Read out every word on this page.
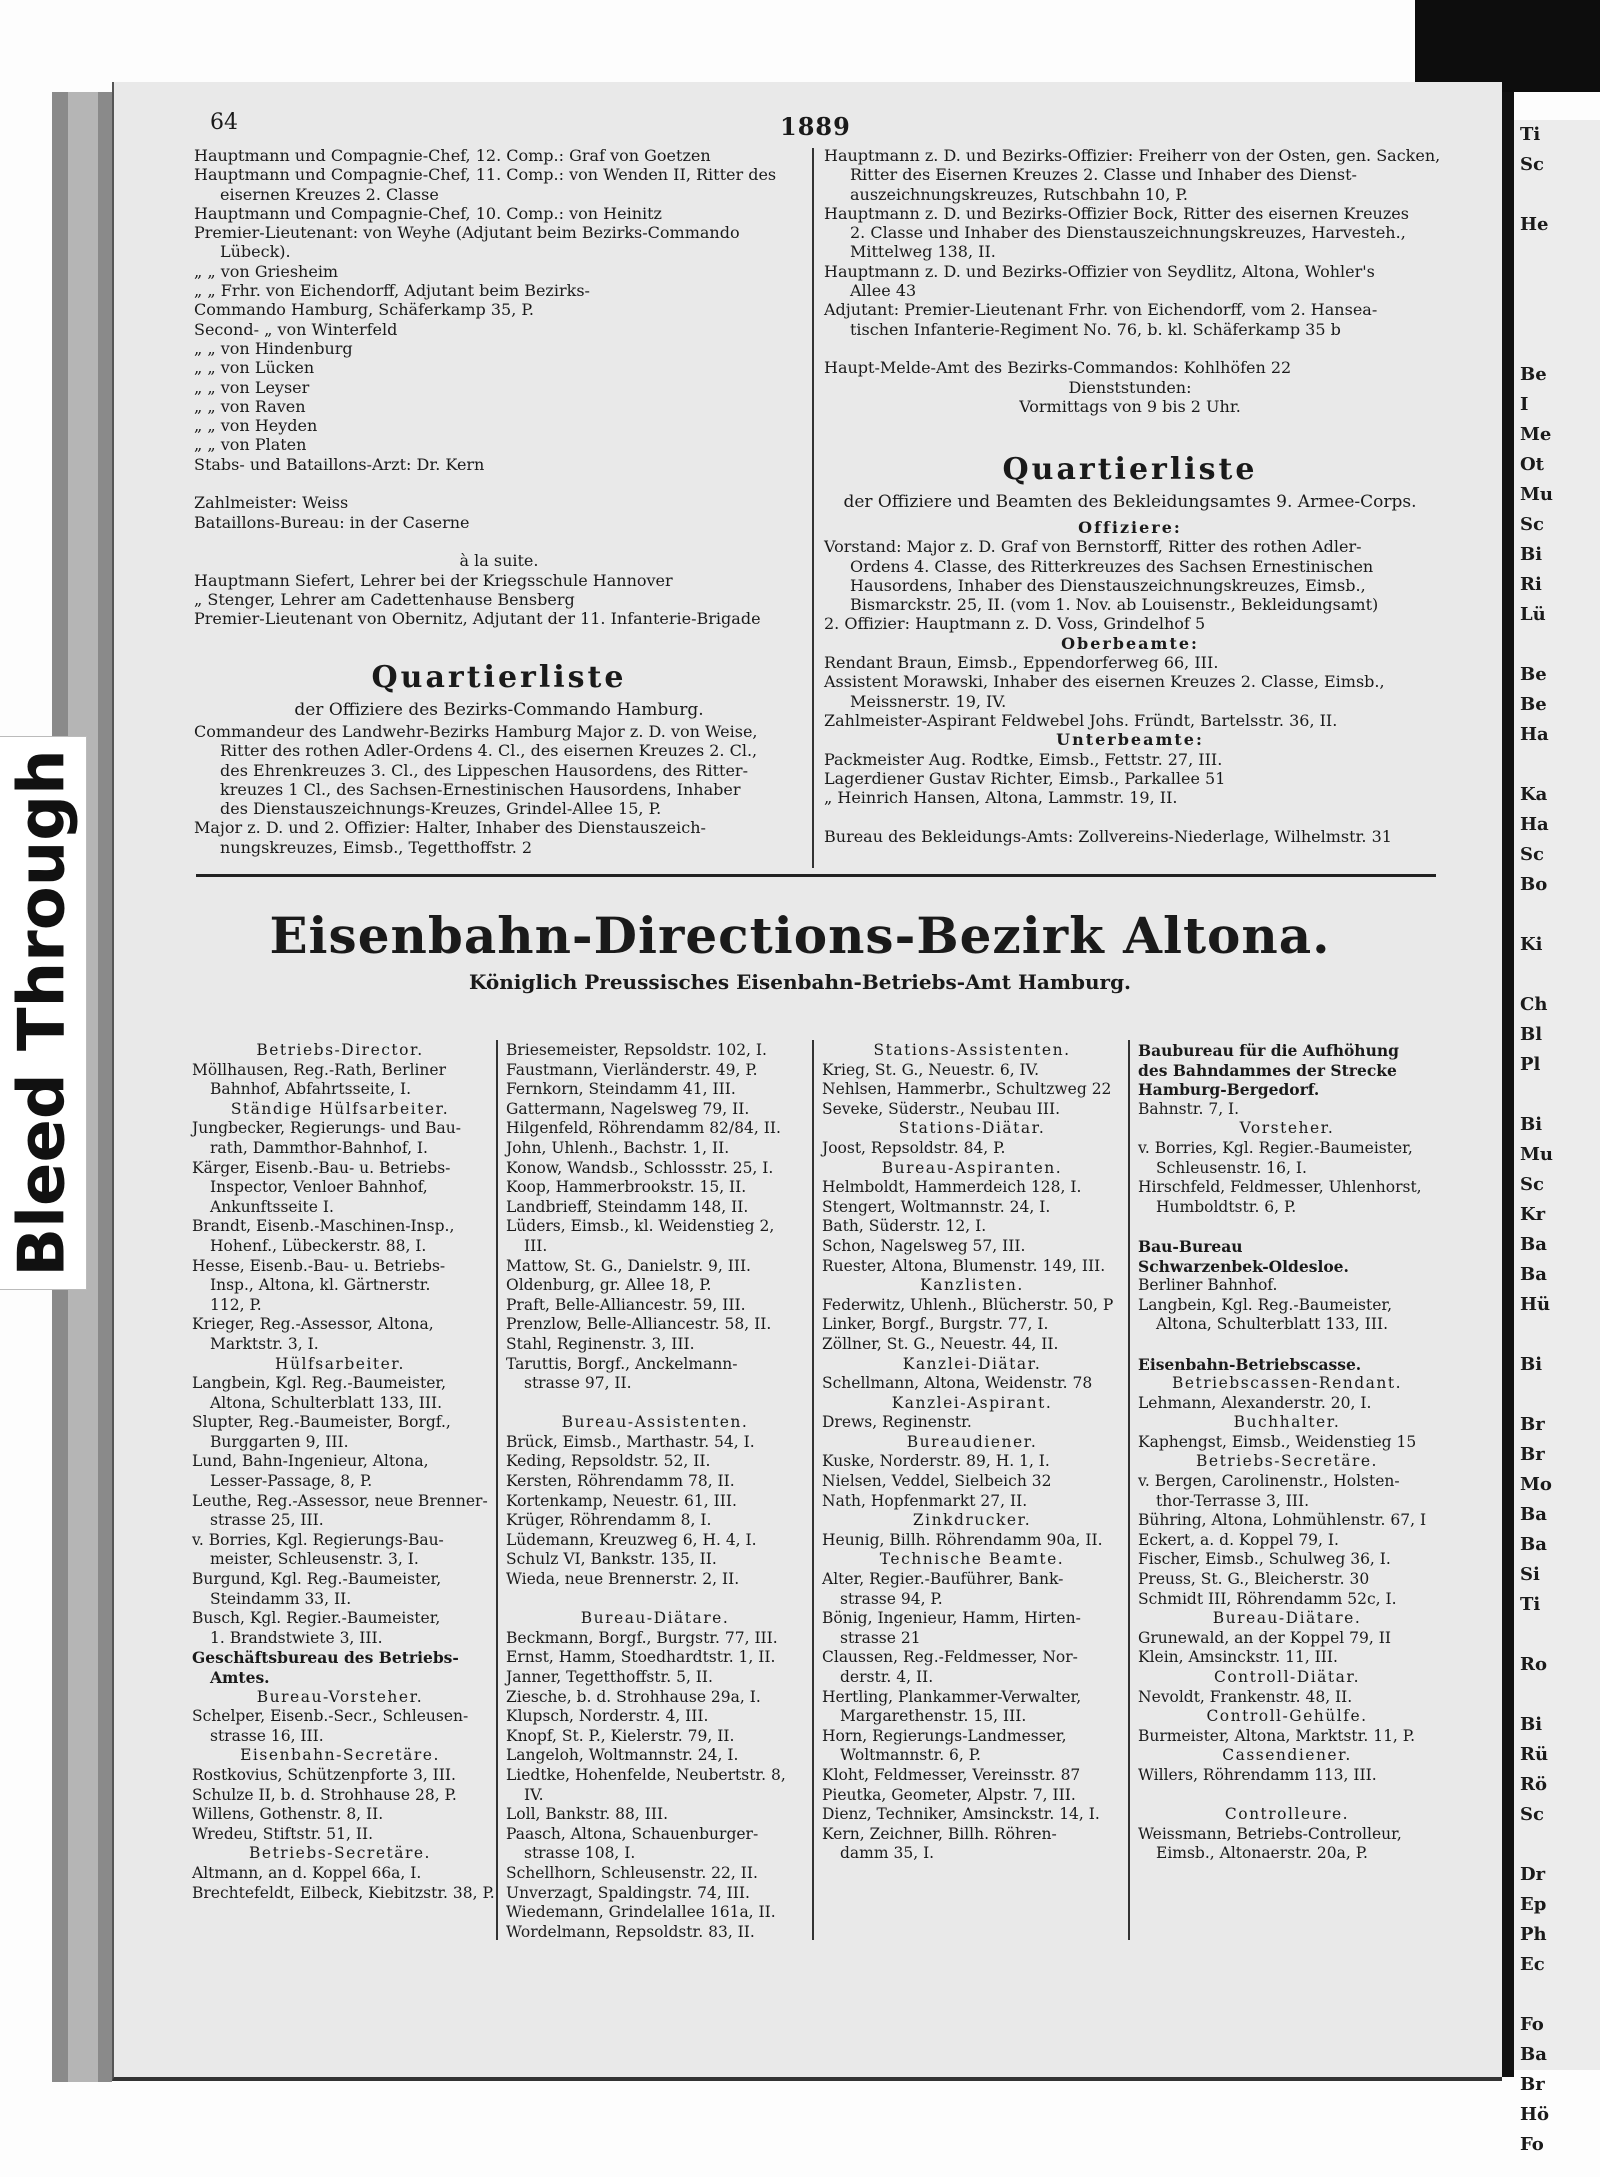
Ti
Sc

He

Be
I
Me
Ot
Mu
Sc
Bi
Ri
Lü

Be
Be
Ha

Ka
Ha
Sc
Bo

Ki

Ch
Bl
Pl

Bi
Mu
Sc
Kr
Ba
Ba
Hü

Bi

Br
Br
Mo
Ba
Ba
Si
Ti

Ro

Bi
Rü
Rö
Sc

Dr
Ep
Ph
Ec

Fo
Ba
Br
Hö
Fo
64	1889
Hauptmann und Compagnie-Chef, 12. Comp.: Graf von Goetzen
Hauptmann und Compagnie-Chef, 11. Comp.: von Wenden II, Ritter des
eisernen Kreuzes 2. Classe
Hauptmann und Compagnie-Chef, 10. Comp.: von Heinitz
Premier-Lieutenant: von Weyhe (Adjutant beim Bezirks-Commando
Lübeck).
„ „ von Griesheim
„ „ Frhr. von Eichendorff, Adjutant beim Bezirks-
Commando Hamburg, Schäferkamp 35, P.
Second- „ von Winterfeld
„ „ von Hindenburg
„ „ von Lücken
„ „ von Leyser
„ „ von Raven
„ „ von Heyden
„ „ von Platen
Stabs- und Bataillons-Arzt: Dr. Kern

Zahlmeister: Weiss
Bataillons-Bureau: in der Caserne

à la suite.
Hauptmann Siefert, Lehrer bei der Kriegsschule Hannover
„ Stenger, Lehrer am Cadettenhause Bensberg
Premier-Lieutenant von Obernitz, Adjutant der 11. Infanterie-Brigade
Quartierliste
der Offiziere des Bezirks-Commando Hamburg.
Commandeur des Landwehr-Bezirks Hamburg Major z. D. von Weise,
Ritter des rothen Adler-Ordens 4. Cl., des eisernen Kreuzes 2. Cl.,
des Ehrenkreuzes 3. Cl., des Lippeschen Hausordens, des Ritter-
kreuzes 1 Cl., des Sachsen-Ernestinischen Hausordens, Inhaber
des Dienstauszeichnungs-Kreuzes, Grindel-Allee 15, P.
Major z. D. und 2. Offizier: Halter, Inhaber des Dienstauszeich-
nungskreuzes, Eimsb., Tegetthoffstr. 2
Hauptmann z. D. und Bezirks-Offizier: Freiherr von der Osten, gen. Sacken,
Ritter des Eisernen Kreuzes 2. Classe und Inhaber des Dienst-
auszeichnungskreuzes, Rutschbahn 10, P.
Hauptmann z. D. und Bezirks-Offizier Bock, Ritter des eisernen Kreuzes
2. Classe und Inhaber des Dienstauszeichnungskreuzes, Harvesteh.,
Mittelweg 138, II.
Hauptmann z. D. und Bezirks-Offizier von Seydlitz, Altona, Wohler's
Allee 43
Adjutant: Premier-Lieutenant Frhr. von Eichendorff, vom 2. Hansea-
tischen Infanterie-Regiment No. 76, b. kl. Schäferkamp 35 b

Haupt-Melde-Amt des Bezirks-Commandos: Kohlhöfen 22
Dienststunden:
Vormittags von 9 bis 2 Uhr.
Quartierliste
der Offiziere und Beamten des Bekleidungsamtes 9. Armee-Corps.
Offiziere:
Vorstand: Major z. D. Graf von Bernstorff, Ritter des rothen Adler-
Ordens 4. Classe, des Ritterkreuzes des Sachsen Ernestinischen
Hausordens, Inhaber des Dienstauszeichnungskreuzes, Eimsb.,
Bismarckstr. 25, II. (vom 1. Nov. ab Louisenstr., Bekleidungsamt)
2. Offizier: Hauptmann z. D. Voss, Grindelhof 5
Oberbeamte:
Rendant Braun, Eimsb., Eppendorferweg 66, III.
Assistent Morawski, Inhaber des eisernen Kreuzes 2. Classe, Eimsb.,
Meissnerstr. 19, IV.
Zahlmeister-Aspirant Feldwebel Johs. Fründt, Bartelsstr. 36, II.
Unterbeamte:
Packmeister Aug. Rodtke, Eimsb., Fettstr. 27, III.
Lagerdiener Gustav Richter, Eimsb., Parkallee 51
„ Heinrich Hansen, Altona, Lammstr. 19, II.

Bureau des Bekleidungs-Amts: Zollvereins-Niederlage, Wilhelmstr. 31
Eisenbahn-Directions-Bezirk Altona.
Königlich Preussisches Eisenbahn-Betriebs-Amt Hamburg.
Betriebs-Director.
Möllhausen, Reg.-Rath, Berliner
Bahnhof, Abfahrtsseite, I.
Ständige Hülfsarbeiter.
Jungbecker, Regierungs- und Bau-
rath, Dammthor-Bahnhof, I.
Kärger, Eisenb.-Bau- u. Betriebs-
Inspector, Venloer Bahnhof,
Ankunftsseite I.
Brandt, Eisenb.-Maschinen-Insp.,
Hohenf., Lübeckerstr. 88, I.
Hesse, Eisenb.-Bau- u. Betriebs-
Insp., Altona, kl. Gärtnerstr.
112, P.
Krieger, Reg.-Assessor, Altona,
Marktstr. 3, I.
Hülfsarbeiter.
Langbein, Kgl. Reg.-Baumeister,
Altona, Schulterblatt 133, III.
Slupter, Reg.-Baumeister, Borgf.,
Burggarten 9, III.
Lund, Bahn-Ingenieur, Altona,
Lesser-Passage, 8, P.
Leuthe, Reg.-Assessor, neue Brenner-
strasse 25, III.
v. Borries, Kgl. Regierungs-Bau-
meister, Schleusenstr. 3, I.
Burgund, Kgl. Reg.-Baumeister,
Steindamm 33, II.
Busch, Kgl. Regier.-Baumeister,
1. Brandstwiete 3, III.
Geschäftsbureau des Betriebs-
Amtes.
Bureau-Vorsteher.
Schelper, Eisenb.-Secr., Schleusen-
strasse 16, III.
Eisenbahn-Secretäre.
Rostkovius, Schützenpforte 3, III.
Schulze II, b. d. Strohhause 28, P.
Willens, Gothenstr. 8, II.
Wredeu, Stiftstr. 51, II.
Betriebs-Secretäre.
Altmann, an d. Koppel 66a, I.
Brechtefeldt, Eilbeck, Kiebitzstr. 38, P.
Briesemeister, Repsoldstr. 102, I.
Faustmann, Vierländerstr. 49, P.
Fernkorn, Steindamm 41, III.
Gattermann, Nagelsweg 79, II.
Hilgenfeld, Röhrendamm 82/84, II.
John, Uhlenh., Bachstr. 1, II.
Konow, Wandsb., Schlossstr. 25, I.
Koop, Hammerbrookstr. 15, II.
Landbrieff, Steindamm 148, II.
Lüders, Eimsb., kl. Weidenstieg 2,
III.
Mattow, St. G., Danielstr. 9, III.
Oldenburg, gr. Allee 18, P.
Praft, Belle-Alliancestr. 59, III.
Prenzlow, Belle-Alliancestr. 58, II.
Stahl, Reginenstr. 3, III.
Taruttis, Borgf., Anckelmann-
strasse 97, II.

Bureau-Assistenten.
Brück, Eimsb., Marthastr. 54, I.
Keding, Repsoldstr. 52, II.
Kersten, Röhrendamm 78, II.
Kortenkamp, Neuestr. 61, III.
Krüger, Röhrendamm 8, I.
Lüdemann, Kreuzweg 6, H. 4, I.
Schulz VI, Bankstr. 135, II.
Wieda, neue Brennerstr. 2, II.

Bureau-Diätare.
Beckmann, Borgf., Burgstr. 77, III.
Ernst, Hamm, Stoedhardtstr. 1, II.
Janner, Tegetthoffstr. 5, II.
Ziesche, b. d. Strohhause 29a, I.
Klupsch, Norderstr. 4, III.
Knopf, St. P., Kielerstr. 79, II.
Langeloh, Woltmannstr. 24, I.
Liedtke, Hohenfelde, Neubertstr. 8,
IV.
Loll, Bankstr. 88, III.
Paasch, Altona, Schauenburger-
strasse 108, I.
Schellhorn, Schleusenstr. 22, II.
Unverzagt, Spaldingstr. 74, III.
Wiedemann, Grindelallee 161a, II.
Wordelmann, Repsoldstr. 83, II.
Stations-Assistenten.
Krieg, St. G., Neuestr. 6, IV.
Nehlsen, Hammerbr., Schultzweg 22
Seveke, Süderstr., Neubau III.
Stations-Diätar.
Joost, Repsoldstr. 84, P.
Bureau-Aspiranten.
Helmboldt, Hammerdeich 128, I.
Stengert, Woltmannstr. 24, I.
Bath, Süderstr. 12, I.
Schon, Nagelsweg 57, III.
Ruester, Altona, Blumenstr. 149, III.
Kanzlisten.
Federwitz, Uhlenh., Blücherstr. 50, P
Linker, Borgf., Burgstr. 77, I.
Zöllner, St. G., Neuestr. 44, II.
Kanzlei-Diätar.
Schellmann, Altona, Weidenstr. 78
Kanzlei-Aspirant.
Drews, Reginenstr.
Bureaudiener.
Kuske, Norderstr. 89, H. 1, I.
Nielsen, Veddel, Sielbeich 32
Nath, Hopfenmarkt 27, II.
Zinkdrucker.
Heunig, Billh. Röhrendamm 90a, II.
Technische Beamte.
Alter, Regier.-Bauführer, Bank-
strasse 94, P.
Bönig, Ingenieur, Hamm, Hirten-
strasse 21
Claussen, Reg.-Feldmesser, Nor-
derstr. 4, II.
Hertling, Plankammer-Verwalter,
Margarethenstr. 15, III.
Horn, Regierungs-Landmesser,
Woltmannstr. 6, P.
Kloht, Feldmesser, Vereinsstr. 87
Pieutka, Geometer, Alpstr. 7, III.
Dienz, Techniker, Amsinckstr. 14, I.
Kern, Zeichner, Billh. Röhren-
damm 35, I.
Baubureau für die Aufhöhung
des Bahndammes der Strecke
Hamburg-Bergedorf.
Bahnstr. 7, I.
Vorsteher.
v. Borries, Kgl. Regier.-Baumeister,
Schleusenstr. 16, I.
Hirschfeld, Feldmesser, Uhlenhorst,
Humboldtstr. 6, P.

Bau-Bureau
Schwarzenbek-Oldesloe.
Berliner Bahnhof.
Langbein, Kgl. Reg.-Baumeister,
Altona, Schulterblatt 133, III.

Eisenbahn-Betriebscasse.
Betriebscassen-Rendant.
Lehmann, Alexanderstr. 20, I.
Buchhalter.
Kaphengst, Eimsb., Weidenstieg 15
Betriebs-Secretäre.
v. Bergen, Carolinenstr., Holsten-
thor-Terrasse 3, III.
Bühring, Altona, Lohmühlenstr. 67, I
Eckert, a. d. Koppel 79, I.
Fischer, Eimsb., Schulweg 36, I.
Preuss, St. G., Bleicherstr. 30
Schmidt III, Röhrendamm 52c, I.
Bureau-Diätare.
Grunewald, an der Koppel 79, II
Klein, Amsinckstr. 11, III.
Controll-Diätar.
Nevoldt, Frankenstr. 48, II.
Controll-Gehülfe.
Burmeister, Altona, Marktstr. 11, P.
Cassendiener.
Willers, Röhrendamm 113, III.

Controlleure.
Weissmann, Betriebs-Controlleur,
Eimsb., Altonaerstr. 20a, P.
Bleed Through
